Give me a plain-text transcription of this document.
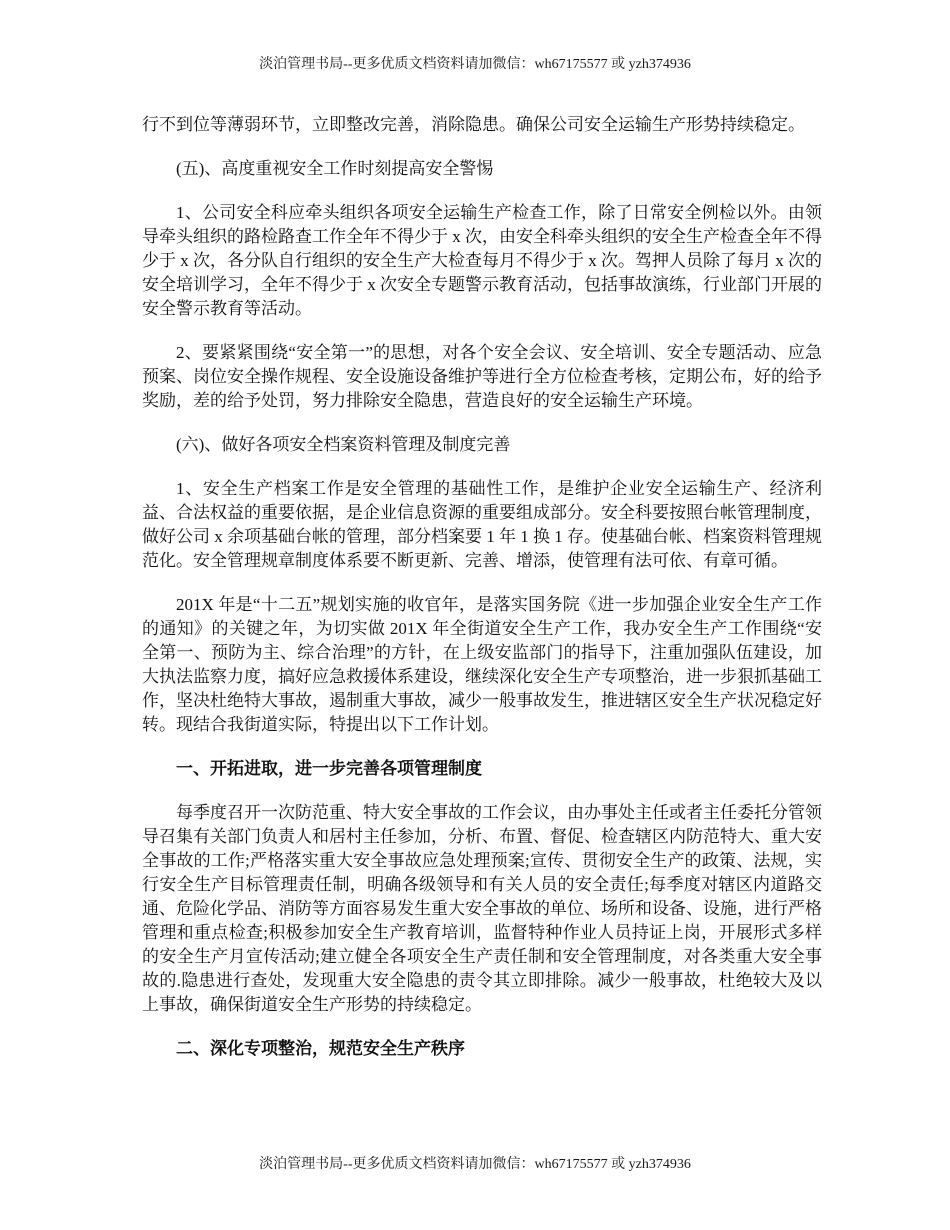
淡泊管理书局--更多优质文档资料请加微信：wh67175577 或 yzh374936

行不到位等薄弱环节，立即整改完善，消除隐患。确保公司安全运输生产形势持续稳定。

(五)、高度重视安全工作时刻提高安全警惕

1、公司安全科应牵头组织各项安全运输生产检查工作，除了日常安全例检以外。由领导牵头组织的路检路查工作全年不得少于 x 次，由安全科牵头组织的安全生产检查全年不得少于 x 次，各分队自行组织的安全生产大检查每月不得少于 x 次。驾押人员除了每月 x 次的安全培训学习，全年不得少于 x 次安全专题警示教育活动，包括事故演练，行业部门开展的安全警示教育等活动。

2、要紧紧围绕“安全第一”的思想，对各个安全会议、安全培训、安全专题活动、应急预案、岗位安全操作规程、安全设施设备维护等进行全方位检查考核，定期公布，好的给予奖励，差的给予处罚，努力排除安全隐患，营造良好的安全运输生产环境。

(六)、做好各项安全档案资料管理及制度完善

1、安全生产档案工作是安全管理的基础性工作，是维护企业安全运输生产、经济利益、合法权益的重要依据，是企业信息资源的重要组成部分。安全科要按照台帐管理制度，做好公司 x 余项基础台帐的管理，部分档案要 1 年 1 换 1 存。使基础台帐、档案资料管理规范化。安全管理规章制度体系要不断更新、完善、增添，使管理有法可依、有章可循。

201X 年是“十二五”规划实施的收官年，是落实国务院《进一步加强企业安全生产工作的通知》的关键之年，为切实做 201X 年全街道安全生产工作，我办安全生产工作围绕“安全第一、预防为主、综合治理”的方针，在上级安监部门的指导下，注重加强队伍建设，加大执法监察力度，搞好应急救援体系建设，继续深化安全生产专项整治，进一步狠抓基础工作，坚决杜绝特大事故，遏制重大事故，减少一般事故发生，推进辖区安全生产状况稳定好转。现结合我街道实际，特提出以下工作计划。

一、开拓进取，进一步完善各项管理制度

每季度召开一次防范重、特大安全事故的工作会议，由办事处主任或者主任委托分管领导召集有关部门负责人和居村主任参加，分析、布置、督促、检查辖区内防范特大、重大安全事故的工作;严格落实重大安全事故应急处理预案;宣传、贯彻安全生产的政策、法规，实行安全生产目标管理责任制，明确各级领导和有关人员的安全责任;每季度对辖区内道路交通、危险化学品、消防等方面容易发生重大安全事故的单位、场所和设备、设施，进行严格管理和重点检查;积极参加安全生产教育培训，监督特种作业人员持证上岗，开展形式多样的安全生产月宣传活动;建立健全各项安全生产责任制和安全管理制度，对各类重大安全事故的.隐患进行查处，发现重大安全隐患的责令其立即排除。减少一般事故，杜绝较大及以上事故，确保街道安全生产形势的持续稳定。

二、深化专项整治，规范安全生产秩序

淡泊管理书局--更多优质文档资料请加微信：wh67175577 或 yzh374936
